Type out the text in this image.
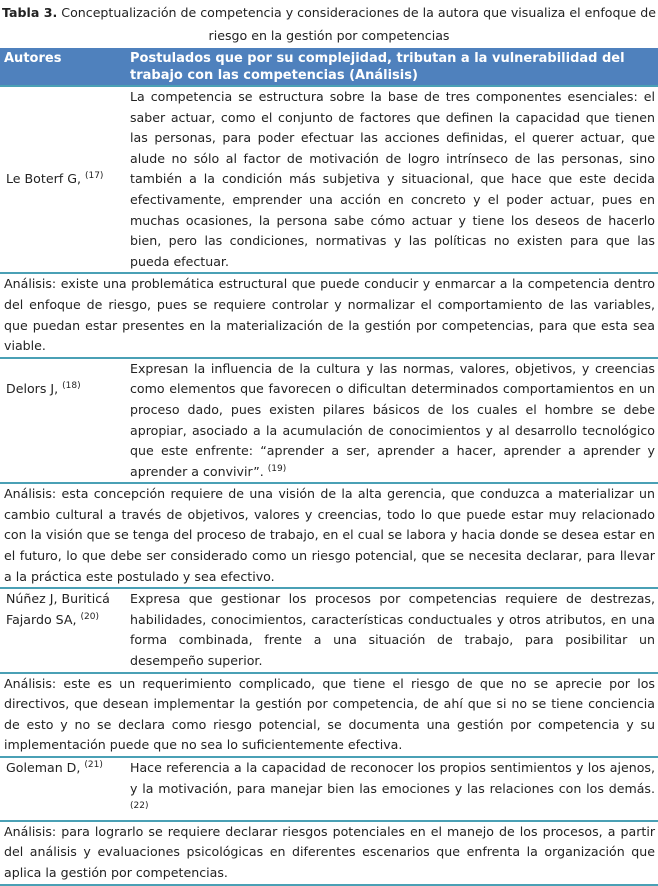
Tabla 3. Conceptualización de competencia y consideraciones de la autora que visualiza el enfoque de riesgo en la gestión por competencias
Autores	Postulados que por su complejidad, tributan a la vulnerabilidad del trabajo con las competencias (Análisis)
Le Boterf G, $^{(17)}$	La competencia se estructura sobre la base de tres componentes esenciales: el saber actuar, como el conjunto de factores que definen la capacidad que tienen las personas, para poder efectuar las acciones definidas, el querer actuar, que alude no sólo al factor de motivación de logro intrínseco de las personas, sino también a la condición más subjetiva y situacional, que hace que este decida efectivamente, emprender una acción en concreto y el poder actuar, pues en muchas ocasiones, la persona sabe cómo actuar y tiene los deseos de hacerlo bien, pero las condiciones, normativas y las políticas no existen para que las pueda efectuar.
Análisis: existe una problemática estructural que puede conducir y enmarcar a la competencia dentro del enfoque de riesgo, pues se requiere controlar y normalizar el comportamiento de las variables, que puedan estar presentes en la materialización de la gestión por competencias, para que esta sea viable.	
Delors J, $^{(18)}$	Expresan la influencia de la cultura y las normas, valores, objetivos, y creencias como elementos que favorecen o dificultan determinados comportamientos en un proceso dado, pues existen pilares básicos de los cuales el hombre se debe apropiar, asociado a la acumulación de conocimientos y al desarrollo tecnológico que este enfrente: “aprender a ser, aprender a hacer, aprender a aprender y aprender a convivir”. $^{(19)}$
Análisis: esta concepción requiere de una visión de la alta gerencia, que conduzca a materializar un cambio cultural a través de objetivos, valores y creencias, todo lo que puede estar muy relacionado con la visión que se tenga del proceso de trabajo, en el cual se labora y hacia donde se desea estar en el futuro, lo que debe ser considerado como un riesgo potencial, que se necesita declarar, para llevar a la práctica este postulado y sea efectivo.	
Núñez J, Buriticá Fajardo SA, $^{(20)}$	Expresa que gestionar los procesos por competencias requiere de destrezas, habilidades, conocimientos, características conductuales y otros atributos, en una forma combinada, frente a una situación de trabajo, para posibilitar un desempeño superior.
Análisis: este es un requerimiento complicado, que tiene el riesgo de que no se aprecie por los directivos, que desean implementar la gestión por competencia, de ahí que si no se tiene conciencia de esto y no se declara como riesgo potencial, se documenta una gestión por competencia y su implementación puede que no sea lo suficientemente efectiva.	
Goleman D, $^{(21)}$	Hace referencia a la capacidad de reconocer los propios sentimientos y los ajenos, y la motivación, para manejar bien las emociones y las relaciones con los demás. $^{(22)}$
Análisis: para lograrlo se requiere declarar riesgos potenciales en el manejo de los procesos, a partir del análisis y evaluaciones psicológicas en diferentes escenarios que enfrenta la organización que aplica la gestión por competencias.	
